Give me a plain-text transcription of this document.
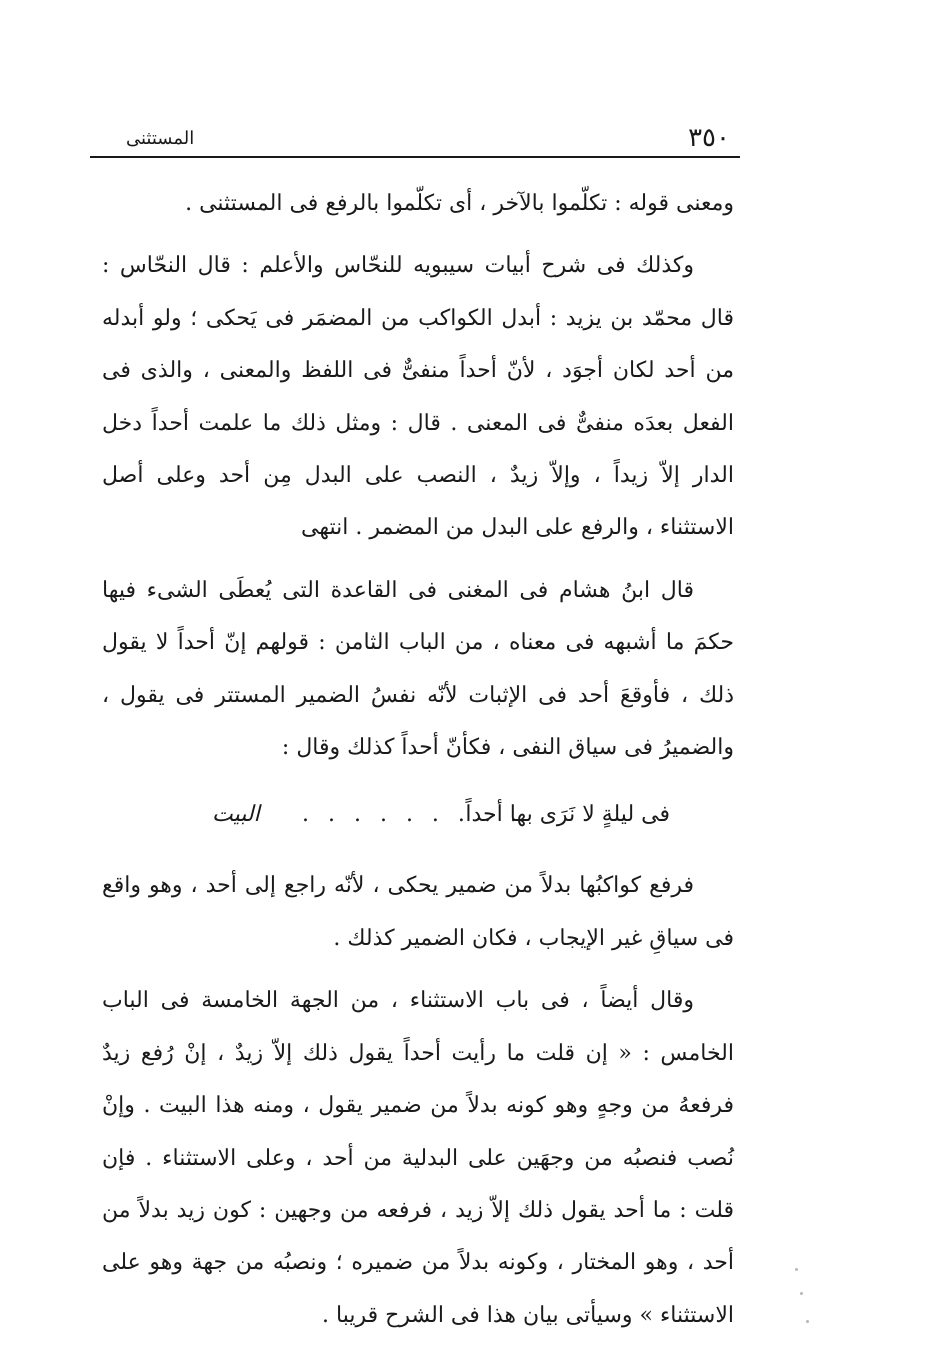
٣٥٠
المستثنى

ومعنى قوله : تكلّموا بالآخر ، أى تكلّموا بالرفع فى المستثنى .

وكذلك فى شرح أبيات سيبويه للنحّاس والأعلم : قال النحّاس : قال محمّد بن يزيد : أبدل الكواكب من المضمَر فى يَحكى ؛ ولو أبدله من أحد لكان أجوَد ، لأنّ أحداً منفىٌّ فى اللفظ والمعنى ، والذى فى الفعل بعدَه منفىٌّ فى المعنى . قال : ومثل ذلك ما علمت أحداً دخل الدار إلاّ زيداً ، وإلاّ زيدٌ ، النصب على البدل مِن أحد وعلى أصل الاستثناء ، والرفع على البدل من المضمر . انتهى

قال ابنُ هشام فى المغنى فى القاعدة التى يُعطَى الشىء فيها حكمَ ما أشبهه فى معناه ، من الباب الثامن : قولهم إنّ أحداً لا يقول ذلك ، فأوقعَ أحد فى الإثبات لأنّه نفسُ الضمير المستتر فى يقول ، والضميرُ فى سياق النفى ، فكأنّ أحداً كذلك وقال :

فى ليلةٍ لا نَرَى بها أحداً
. . . . . . . . .
البيت

فرفع كواكبُها بدلاً من ضمير يحكى ، لأنّه راجع إلى أحد ، وهو واقع فى سياقِ غير الإيجاب ، فكان الضمير كذلك .

وقال أيضاً ، فى باب الاستثناء ، من الجهة الخامسة فى الباب الخامس : « إن قلت ما رأيت أحداً يقول ذلك إلاّ زيدٌ ، إنْ رُفع زيدٌ فرفعهُ من وجهٍ وهو كونه بدلاً من ضمير يقول ، ومنه هذا البيت . وإنْ نُصب فنصبُه من وجهَين على البدلية من أحد ، وعلى الاستثناء . فإن قلت : ما أحد يقول ذلك إلاّ زيد ، فرفعه من وجهين : كون زيد بدلاً من أحد ، وهو المختار ، وكونه بدلاً من ضميره ؛ ونصبُه من جهة وهو على الاستثناء » وسيأتى بيان هذا فى الشرح قريبا .
